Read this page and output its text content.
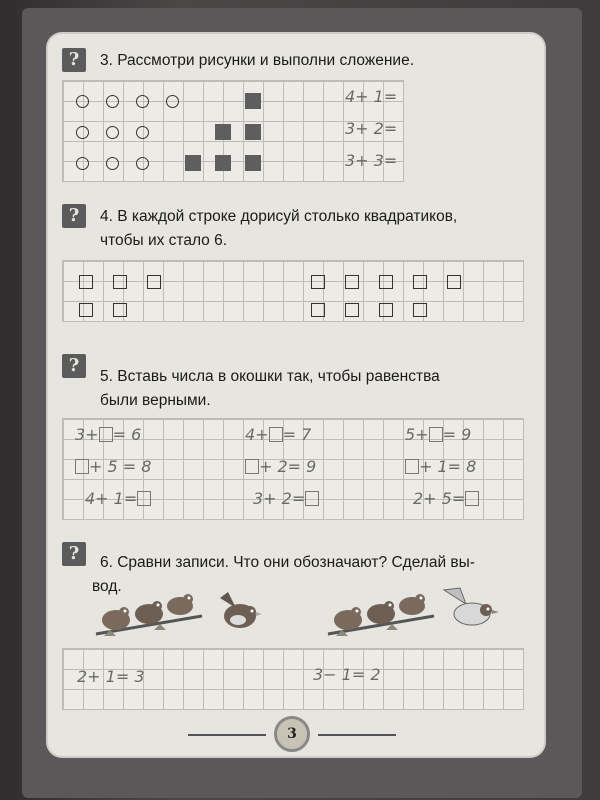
?	3. Рассмотри рисунки и выполни сложение.
4+ 1=
3+ 2=
3+ 3=
?	4. В каждой строке дорисуй столько квадратиков,
чтобы их стало 6.
?
5. Вставь числа в окошки так, чтобы равенства
были верными.
3+ = 6	4+ = 7	5+ = 9
+ 5 = 8	+ 2= 9	+ 1= 8
4+ 1=	3+ 2=	2+ 5=
?	6. Сравни записи. Что они обозначают? Сделай вы-
вод.
2+ 1= 3	3− 1= 2
3
